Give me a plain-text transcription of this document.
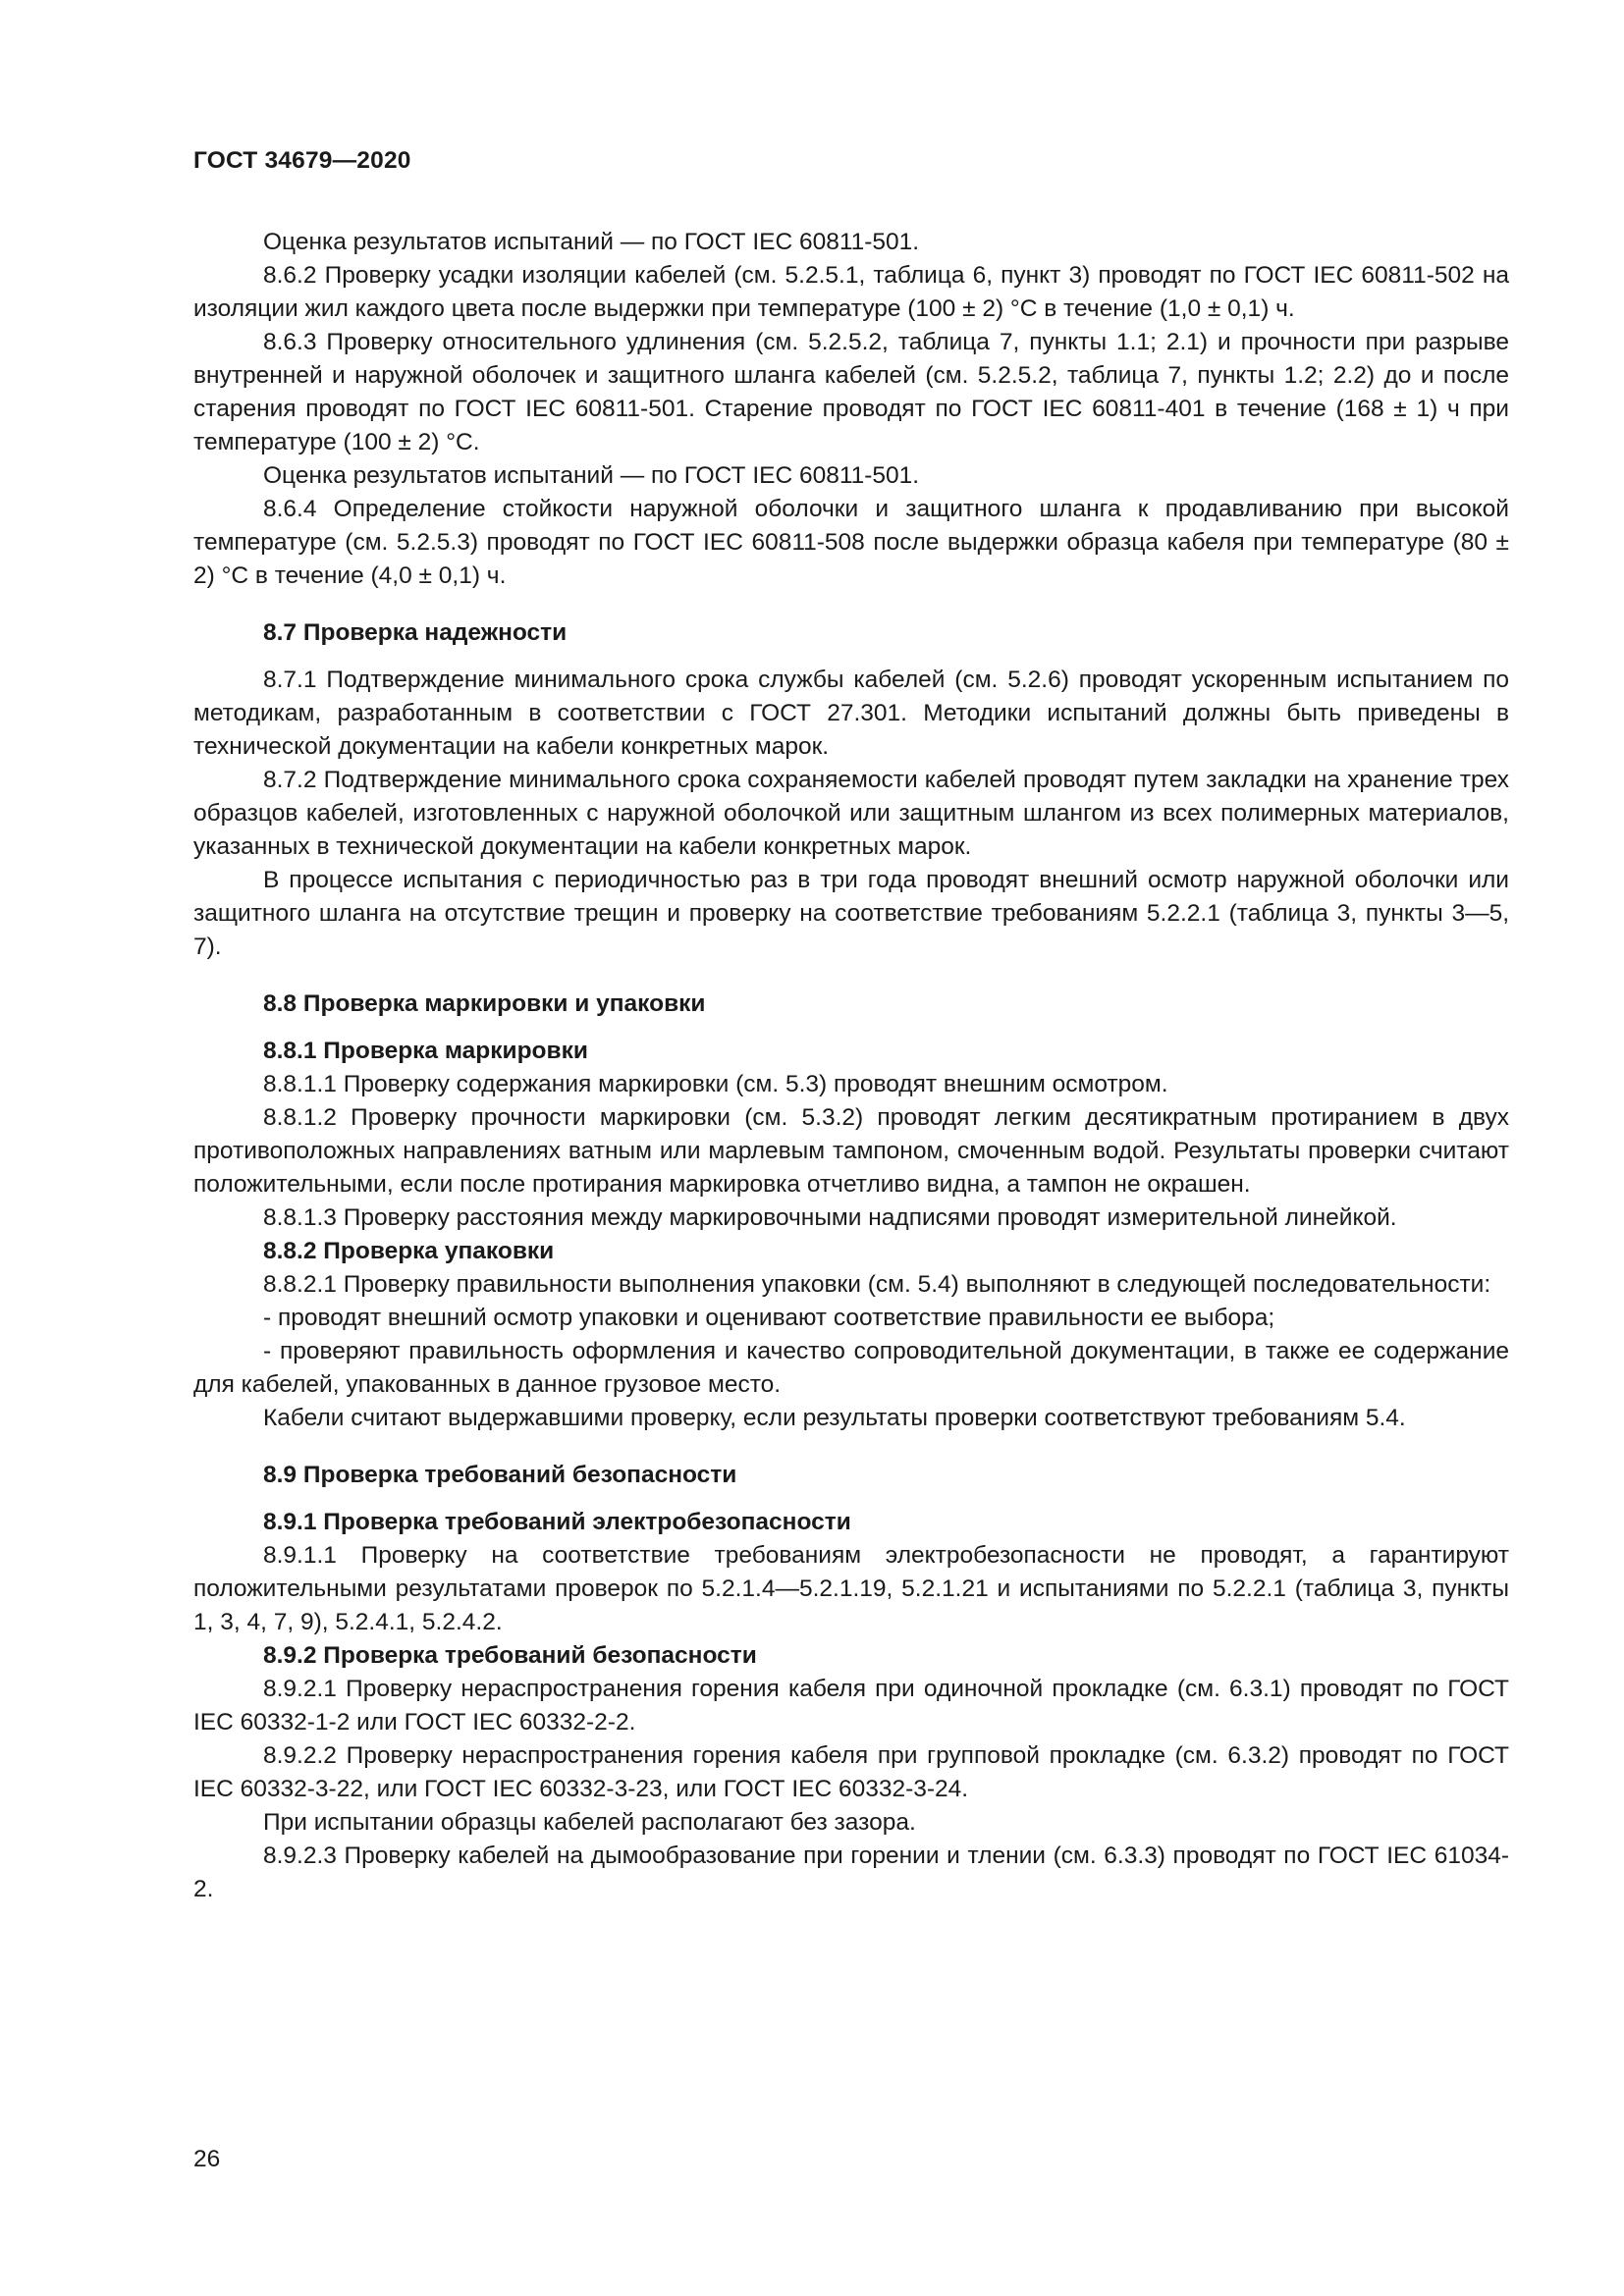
ГОСТ 34679—2020

Оценка результатов испытаний — по ГОСТ IEC 60811-501.

8.6.2 Проверку усадки изоляции кабелей (см. 5.2.5.1, таблица 6, пункт 3) проводят по ГОСТ IEC 60811-502 на изоляции жил каждого цвета после выдержки при температуре (100 ± 2) °С в течение (1,0 ± 0,1) ч.

8.6.3 Проверку относительного удлинения (см. 5.2.5.2, таблица 7, пункты 1.1; 2.1) и прочности при разрыве внутренней и наружной оболочек и защитного шланга кабелей (см. 5.2.5.2, таблица 7, пункты 1.2; 2.2) до и после старения проводят по ГОСТ IEC 60811-501. Старение проводят по ГОСТ IEC 60811-401 в течение (168 ± 1) ч при температуре (100 ± 2) °С.

Оценка результатов испытаний — по ГОСТ IEC 60811-501.

8.6.4 Определение стойкости наружной оболочки и защитного шланга к продавливанию при высокой температуре (см. 5.2.5.3) проводят по ГОСТ IEC 60811-508 после выдержки образца кабеля при температуре (80 ± 2) °С в течение (4,0 ± 0,1) ч.

8.7 Проверка надежности

8.7.1 Подтверждение минимального срока службы кабелей (см. 5.2.6) проводят ускоренным испытанием по методикам, разработанным в соответствии с ГОСТ 27.301. Методики испытаний должны быть приведены в технической документации на кабели конкретных марок.

8.7.2 Подтверждение минимального срока сохраняемости кабелей проводят путем закладки на хранение трех образцов кабелей, изготовленных с наружной оболочкой или защитным шлангом из всех полимерных материалов, указанных в технической документации на кабели конкретных марок.

В процессе испытания с периодичностью раз в три года проводят внешний осмотр наружной оболочки или защитного шланга на отсутствие трещин и проверку на соответствие требованиям 5.2.2.1 (таблица 3, пункты 3—5, 7).

8.8 Проверка маркировки и упаковки

8.8.1 Проверка маркировки

8.8.1.1 Проверку содержания маркировки (см. 5.3) проводят внешним осмотром.

8.8.1.2 Проверку прочности маркировки (см. 5.3.2) проводят легким десятикратным протиранием в двух противоположных направлениях ватным или марлевым тампоном, смоченным водой. Результаты проверки считают положительными, если после протирания маркировка отчетливо видна, а тампон не окрашен.

8.8.1.3 Проверку расстояния между маркировочными надписями проводят измерительной линейкой.

8.8.2 Проверка упаковки

8.8.2.1 Проверку правильности выполнения упаковки (см. 5.4) выполняют в следующей последовательности:

- проводят внешний осмотр упаковки и оценивают соответствие правильности ее выбора;

- проверяют правильность оформления и качество сопроводительной документации, в также ее содержание для кабелей, упакованных в данное грузовое место.

Кабели считают выдержавшими проверку, если результаты проверки соответствуют требованиям 5.4.

8.9 Проверка требований безопасности

8.9.1 Проверка требований электробезопасности

8.9.1.1 Проверку на соответствие требованиям электробезопасности не проводят, а гарантируют положительными результатами проверок по 5.2.1.4—5.2.1.19, 5.2.1.21 и испытаниями по 5.2.2.1 (таблица 3, пункты 1, 3, 4, 7, 9), 5.2.4.1, 5.2.4.2.

8.9.2 Проверка требований безопасности

8.9.2.1 Проверку нераспространения горения кабеля при одиночной прокладке (см. 6.3.1) проводят по ГОСТ IEC 60332-1-2 или ГОСТ IEC 60332-2-2.

8.9.2.2 Проверку нераспространения горения кабеля при групповой прокладке (см. 6.3.2) проводят по ГОСТ IEC 60332-3-22, или ГОСТ IEC 60332-3-23, или ГОСТ IEC 60332-3-24.

При испытании образцы кабелей располагают без зазора.

8.9.2.3 Проверку кабелей на дымообразование при горении и тлении (см. 6.3.3) проводят по ГОСТ IEC 61034-2.

26
